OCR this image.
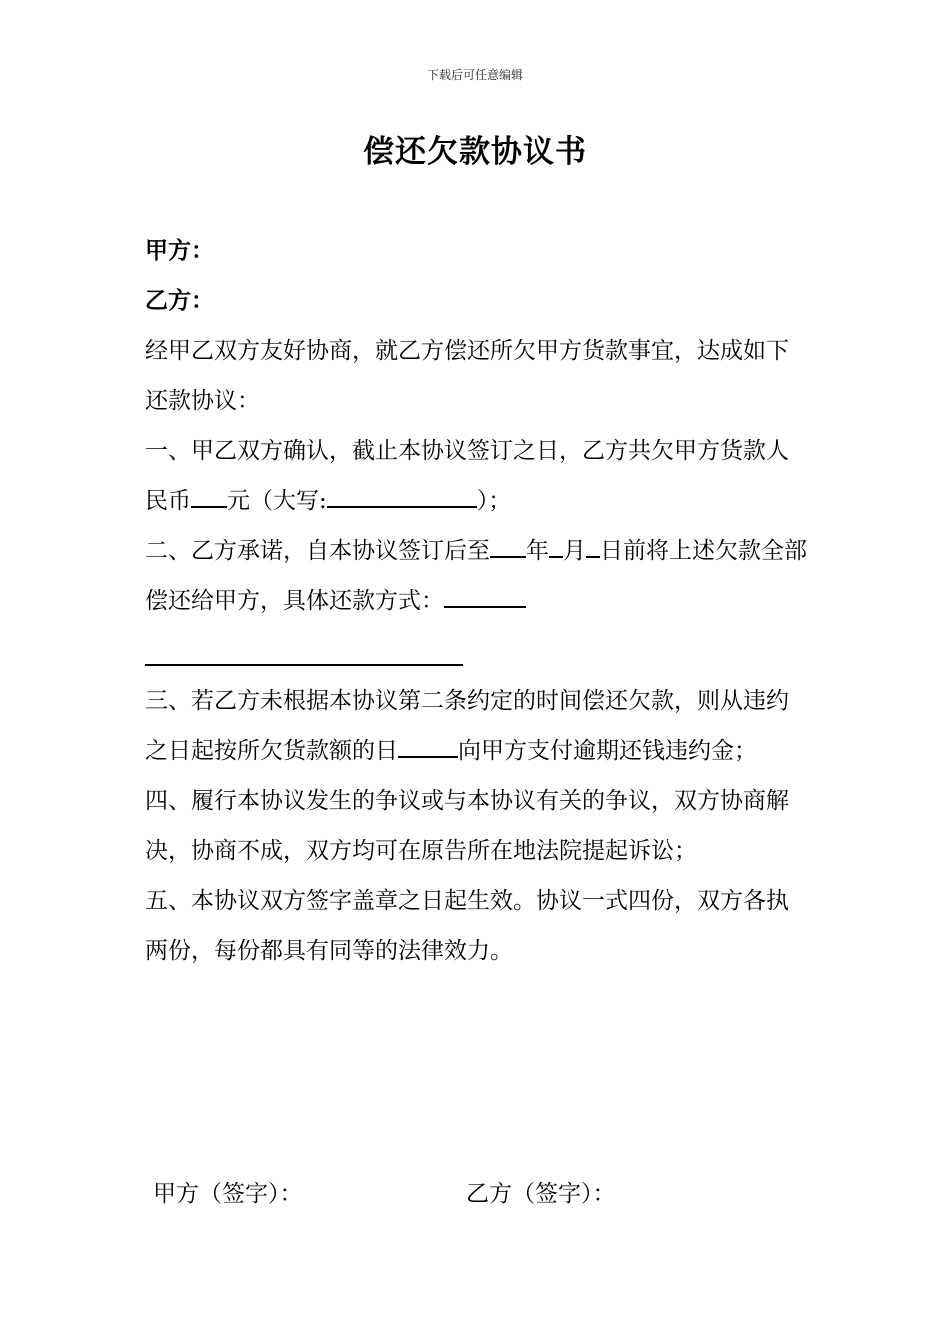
下载后可任意编辑
偿还欠款协议书

甲方：

乙方：

经甲乙双方友好协商，就乙方偿还所欠甲方货款事宜，达成如下还款协议：

一、甲乙双方确认，截止本协议签订之日，乙方共欠甲方货款人民币 元（大写:	）；

二、乙方承诺，自本协议签订后至 年 月 日前将上述欠款全部偿还给甲方，具体还款方式：

三、若乙方未根据本协议第二条约定的时间偿还欠款，则从违约之日起按所欠货款额的日	向甲方支付逾期还钱违约金；

四、履行本协议发生的争议或与本协议有关的争议，双方协商解决，协商不成，双方均可在原告所在地法院提起诉讼；

五、本协议双方签字盖章之日起生效。协议一式四份，双方各执两份，每份都具有同等的法律效力。

甲方（签字）：	乙方（签字）：
